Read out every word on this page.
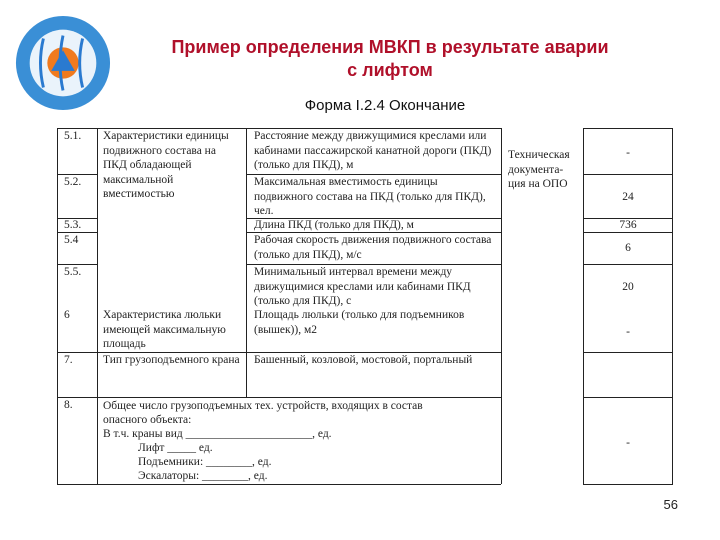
Пример определения МВКП в результате аварии
с лифтом
Форма I.2.4 Окончание
5.1.
5.2.
5.3.
5.4
5.5.
6
7.
8.
Характеристики единицы подвижного состава на ПКД обладающей максимальной вместимостью
Характеристика люльки имеющей максимальную площадь
Тип грузоподъемного крана
Расстояние между движущимися креслами или кабинами пассажирской канатной дороги (ПКД) (только для ПКД), м
Максимальная вместимость единицы подвижного состава на ПКД (только для ПКД), чел.
Длина ПКД (только для ПКД), м
Рабочая скорость движения подвижного состава (только для ПКД), м/с
Минимальный интервал времени между движущимися креслами или кабинами ПКД (только для ПКД), с
Площадь люльки (только для подъемников (вышек)), м2
Башенный, козловой, мостовой, портальный
Общее число грузоподъемных тех. устройств, входящих в состав
опасного объекта:
В т.ч. краны вид ______________________, ед.
Лифт _____ ед.
Подъемники: ________, ед.
Эскалаторы: ________, ед.
Техническая документа-ция на ОПО
-
24
736
6
20
-
-
56
